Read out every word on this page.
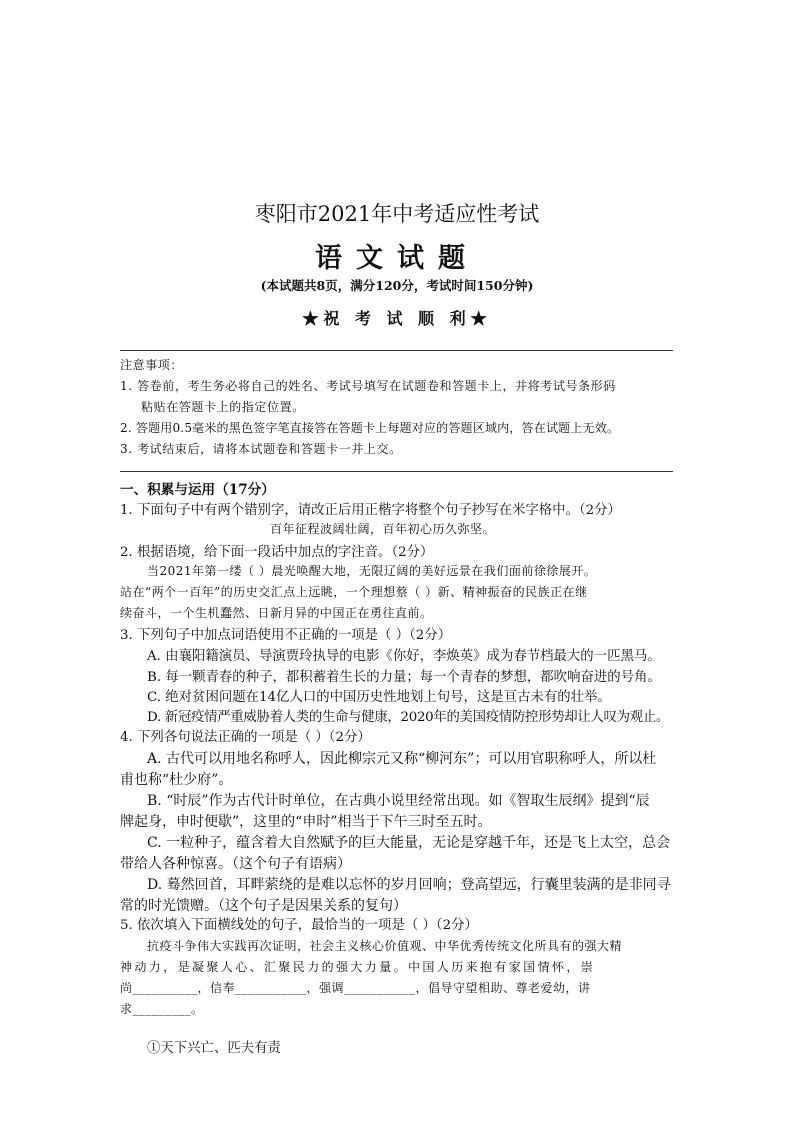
枣阳市2021年中考适应性考试
语文试题
(本试题共8页，满分120分，考试时间150分钟)
★祝 考 试 顺 利★
注意事项：
1. 答卷前，考生务必将自己的姓名、考试号填写在试题卷和答题卡上，并将考试号条形码
粘贴在答题卡上的指定位置。
2. 答题用0.5毫米的黑色签字笔直接答在答题卡上每题对应的答题区域内，答在试题上无效。
3. 考试结束后，请将本试题卷和答题卡一并上交。
一、积累与运用（17分）
1. 下面句子中有两个错别字，请改正后用正楷字将整个句子抄写在米字格中。（2分）
百年征程波阔壮阔，百年初心历久弥坚。
2. 根据语境，给下面一段话中加点的字注音。（2分）
当2021年第一缕（ ）晨光唤醒大地，无限辽阔的美好远景在我们面前徐徐展开。
站在“两个一百年”的历史交汇点上远眺，一个理想蔡（ ）新、精神振奋的民族正在继
续奋斗，一个生机蠢然、日新月异的中国正在勇往直前。
3. 下列句子中加点词语使用不正确的一项是（ ）（2分）
A. 由襄阳籍演员、导演贾玲执导的电影《你好，李焕英》成为春节档最大的一匹黑马。
B. 每一颗青春的种子，都积蓄着生长的力量；每一个青春的梦想，都吹响奋进的号角。
C. 绝对贫困问题在14亿人口的中国历史性地划上句号，这是亘古未有的壮举。
D. 新冠疫情严重威胁着人类的生命与健康，2020年的美国疫情防控形势却让人叹为观止。
4. 下列各句说法正确的一项是（ ）（2分）
A. 古代可以用地名称呼人，因此柳宗元又称“柳河东”；可以用官职称呼人，所以杜
甫也称“杜少府”。
B. “时辰”作为古代计时单位，在古典小说里经常出现。如《智取生辰纲》提到“辰
牌起身，申时便歇”，这里的“申时”相当于下午三时至五时。
C. 一粒种子，蕴含着大自然赋予的巨大能量，无论是穿越千年，还是飞上太空，总会
带给人各种惊喜。（这个句子有语病）
D. 蓦然回首，耳畔萦绕的是难以忘怀的岁月回响；登高望远，行囊里装满的是非同寻
常的时光馈赠。（这个句子是因果关系的复句）
5. 依次填入下面横线处的句子，最恰当的一项是（ ）（2分）
抗疫斗争伟大实践再次证明，社会主义核心价值观、中华优秀传统文化所具有的强大精
神动力，是凝聚人心、汇聚民力的强大力量。中国人历来抱有家国情怀，崇
尚__________，信奉___________，强调___________，倡导守望相助、尊老爱幼，讲
求_________。
①天下兴亡、匹夫有责
